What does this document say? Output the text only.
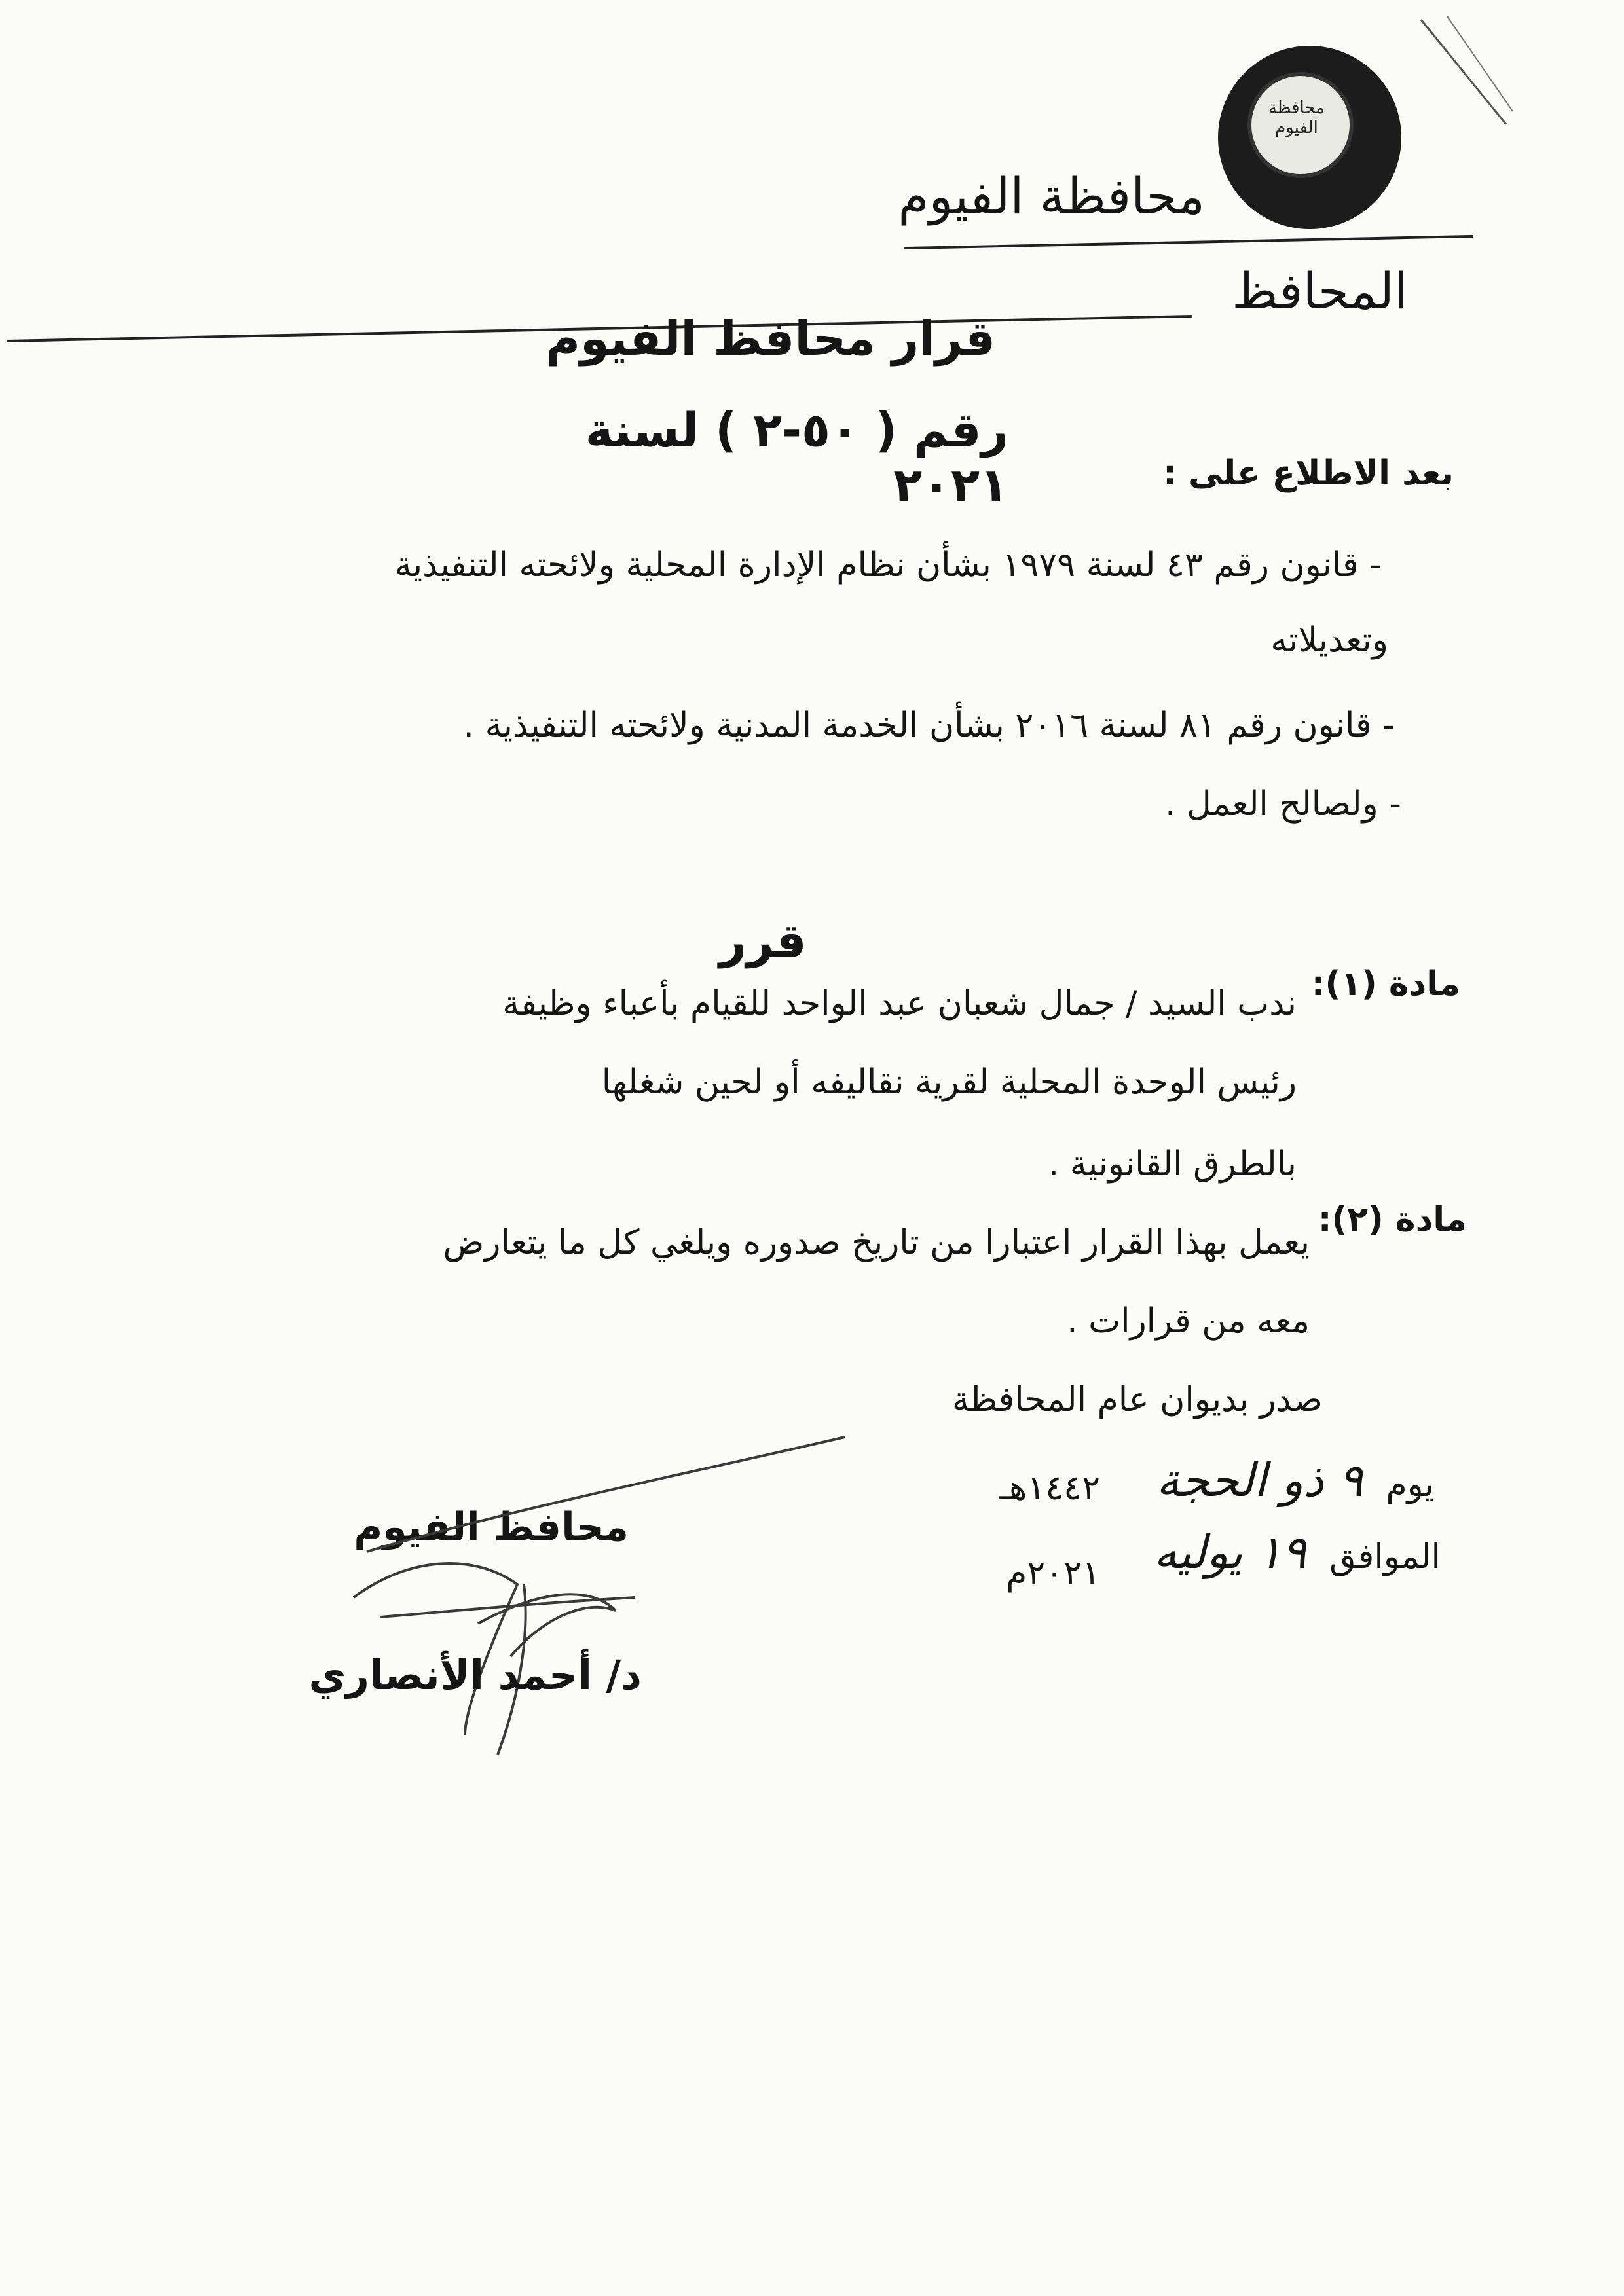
محافظة الفيوم
محافظة الفيوم
المحافظ
قرار محافظ الفيوم
رقم ( ٥٠-٢ ) لسنة ٢٠٢١	بعد الاطلاع على :
- قانون رقم ٤٣ لسنة ١٩٧٩ بشأن نظام الإدارة المحلية ولائحته التنفيذية
وتعديلاته
- قانون رقم ٨١ لسنة ٢٠١٦ بشأن الخدمة المدنية ولائحته التنفيذية .
- ولصالح العمل .
قرر
مادة (١):
ندب السيد / جمال شعبان عبد الواحد للقيام بأعباء وظيفة
رئيس الوحدة المحلية لقرية نقاليفه أو لحين شغلها
بالطرق القانونية .
مادة (٢):
يعمل بهذا القرار اعتبارا من تاريخ صدوره ويلغي كل ما يتعارض
معه من قرارات .
صدر بديوان عام المحافظة
يوم ٩ ذو الحجة
١٤٤٢هـ
الموافق ١٩ يوليه
٢٠٢١م
محافظ الفيوم
د/ أحمد الأنصاري
